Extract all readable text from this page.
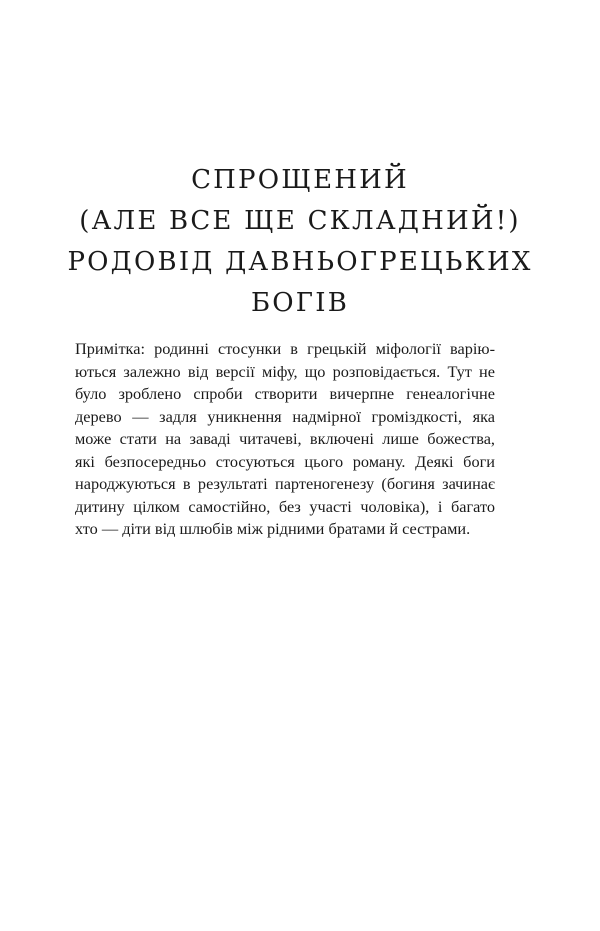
СПРОЩЕНИЙ
(АЛЕ ВСЕ ЩЕ СКЛАДНИЙ!)
РОДОВІД ДАВНЬОГРЕЦЬКИХ
БОГІВ

Примітка: родинні стосунки в грецькій міфології варію-
ються залежно від версії міфу, що розповідається. Тут не
було зроблено спроби створити вичерпне генеалогічне
дерево — задля уникнення надмірної громіздкості, яка
може стати на заваді читачеві, включені лише божества,
які безпосередньо стосуються цього роману. Деякі боги
народжуються в результаті партеногенезу (богиня зачинає
дитину цілком самостійно, без участі чоловіка), і багато
хто — діти від шлюбів між рідними братами й сестрами.
